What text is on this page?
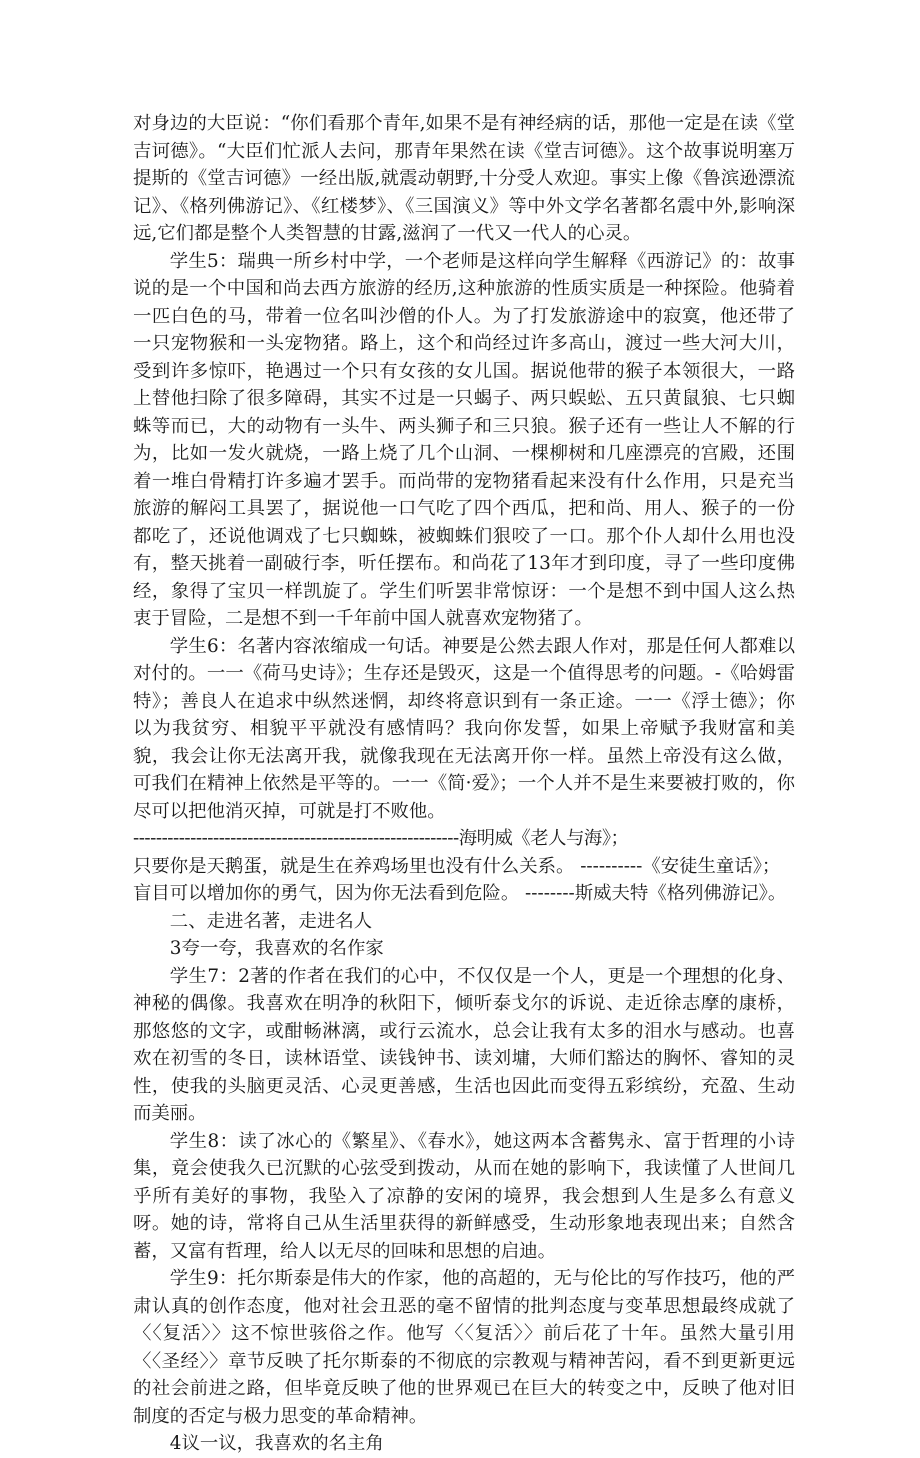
对身边的大臣说：“你们看那个青年,如果不是有神经病的话，那他一定是在读《堂吉诃德》。“大臣们忙派人去问，那青年果然在读《堂吉诃德》。这个故事说明塞万提斯的《堂吉诃德》一经出版,就震动朝野,十分受人欢迎。事实上像《鲁滨逊漂流记》、《格列佛游记》、《红楼梦》、《三国演义》等中外文学名著都名震中外,影响深远,它们都是整个人类智慧的甘露,滋润了一代又一代人的心灵。

学生5：瑞典一所乡村中学，一个老师是这样向学生解释《西游记》的：故事说的是一个中国和尚去西方旅游的经历,这种旅游的性质实质是一种探险。他骑着一匹白色的马，带着一位名叫沙僧的仆人。为了打发旅游途中的寂寞，他还带了一只宠物猴和一头宠物猪。路上，这个和尚经过许多高山，渡过一些大河大川，受到许多惊吓，艳遇过一个只有女孩的女儿国。据说他带的猴子本领很大，一路上替他扫除了很多障碍，其实不过是一只蝎子、两只蜈蚣、五只黄鼠狼、七只蜘蛛等而已，大的动物有一头牛、两头狮子和三只狼。猴子还有一些让人不解的行为，比如一发火就烧，一路上烧了几个山洞、一棵柳树和几座漂亮的宫殿，还围着一堆白骨精打许多遍才罢手。而尚带的宠物猪看起来没有什么作用，只是充当旅游的解闷工具罢了，据说他一口气吃了四个西瓜，把和尚、用人、猴子的一份都吃了，还说他调戏了七只蜘蛛，被蜘蛛们狠咬了一口。那个仆人却什么用也没有，整天挑着一副破行李，听任摆布。和尚花了13年才到印度，寻了一些印度佛经，象得了宝贝一样凯旋了。学生们听罢非常惊讶：一个是想不到中国人这么热衷于冒险，二是想不到一千年前中国人就喜欢宠物猪了。

学生6：名著内容浓缩成一句话。神要是公然去跟人作对，那是任何人都难以对付的。一一《荷马史诗》；生存还是毁灭，这是一个值得思考的问题。-《哈姆雷特》；善良人在追求中纵然迷惘，却终将意识到有一条正途。一一《浮士德》；你以为我贫穷、相貌平平就没有感情吗？我向你发誓，如果上帝赋予我财富和美貌，我会让你无法离开我，就像我现在无法离开你一样。虽然上帝没有这么做，可我们在精神上依然是平等的。一一《简·爱》；一个人并不是生来要被打败的，你尽可以把他消灭掉，可就是打不败他。

---------------------------------------------------------海明威《老人与海》；

只要你是天鹅蛋，就是生在养鸡场里也没有什么关系。 ----------《安徒生童话》；

盲目可以增加你的勇气，因为你无法看到危险。 --------斯威夫特《格列佛游记》。

二、走进名著，走进名人

3夸一夸，我喜欢的名作家

学生7：2著的作者在我们的心中，不仅仅是一个人，更是一个理想的化身、神秘的偶像。我喜欢在明净的秋阳下，倾听泰戈尔的诉说、走近徐志摩的康桥，那悠悠的文字，或酣畅淋漓，或行云流水，总会让我有太多的泪水与感动。也喜欢在初雪的冬日，读林语堂、读钱钟书、读刘墉，大师们豁达的胸怀、睿知的灵性，使我的头脑更灵活、心灵更善感，生活也因此而变得五彩缤纷，充盈、生动而美丽。

学生8：读了冰心的《繁星》、《春水》，她这两本含蓄隽永、富于哲理的小诗集，竟会使我久已沉默的心弦受到拨动，从而在她的影响下，我读懂了人世间几乎所有美好的事物，我坠入了凉静的安闲的境界，我会想到人生是多么有意义呀。她的诗，常将自己从生活里获得的新鲜感受，生动形象地表现出来；自然含蓄，又富有哲理，给人以无尽的回味和思想的启迪。

学生9：托尔斯泰是伟大的作家，他的高超的，无与伦比的写作技巧，他的严肃认真的创作态度，他对社会丑恶的毫不留情的批判态度与变革思想最终成就了〈〈复活〉〉这不惊世骇俗之作。他写〈〈复活〉〉前后花了十年。虽然大量引用〈〈圣经〉〉章节反映了托尔斯泰的不彻底的宗教观与精神苦闷，看不到更新更远的社会前进之路，但毕竟反映了他的世界观已在巨大的转变之中，反映了他对旧制度的否定与极力思变的革命精神。

4议一议，我喜欢的名主角
